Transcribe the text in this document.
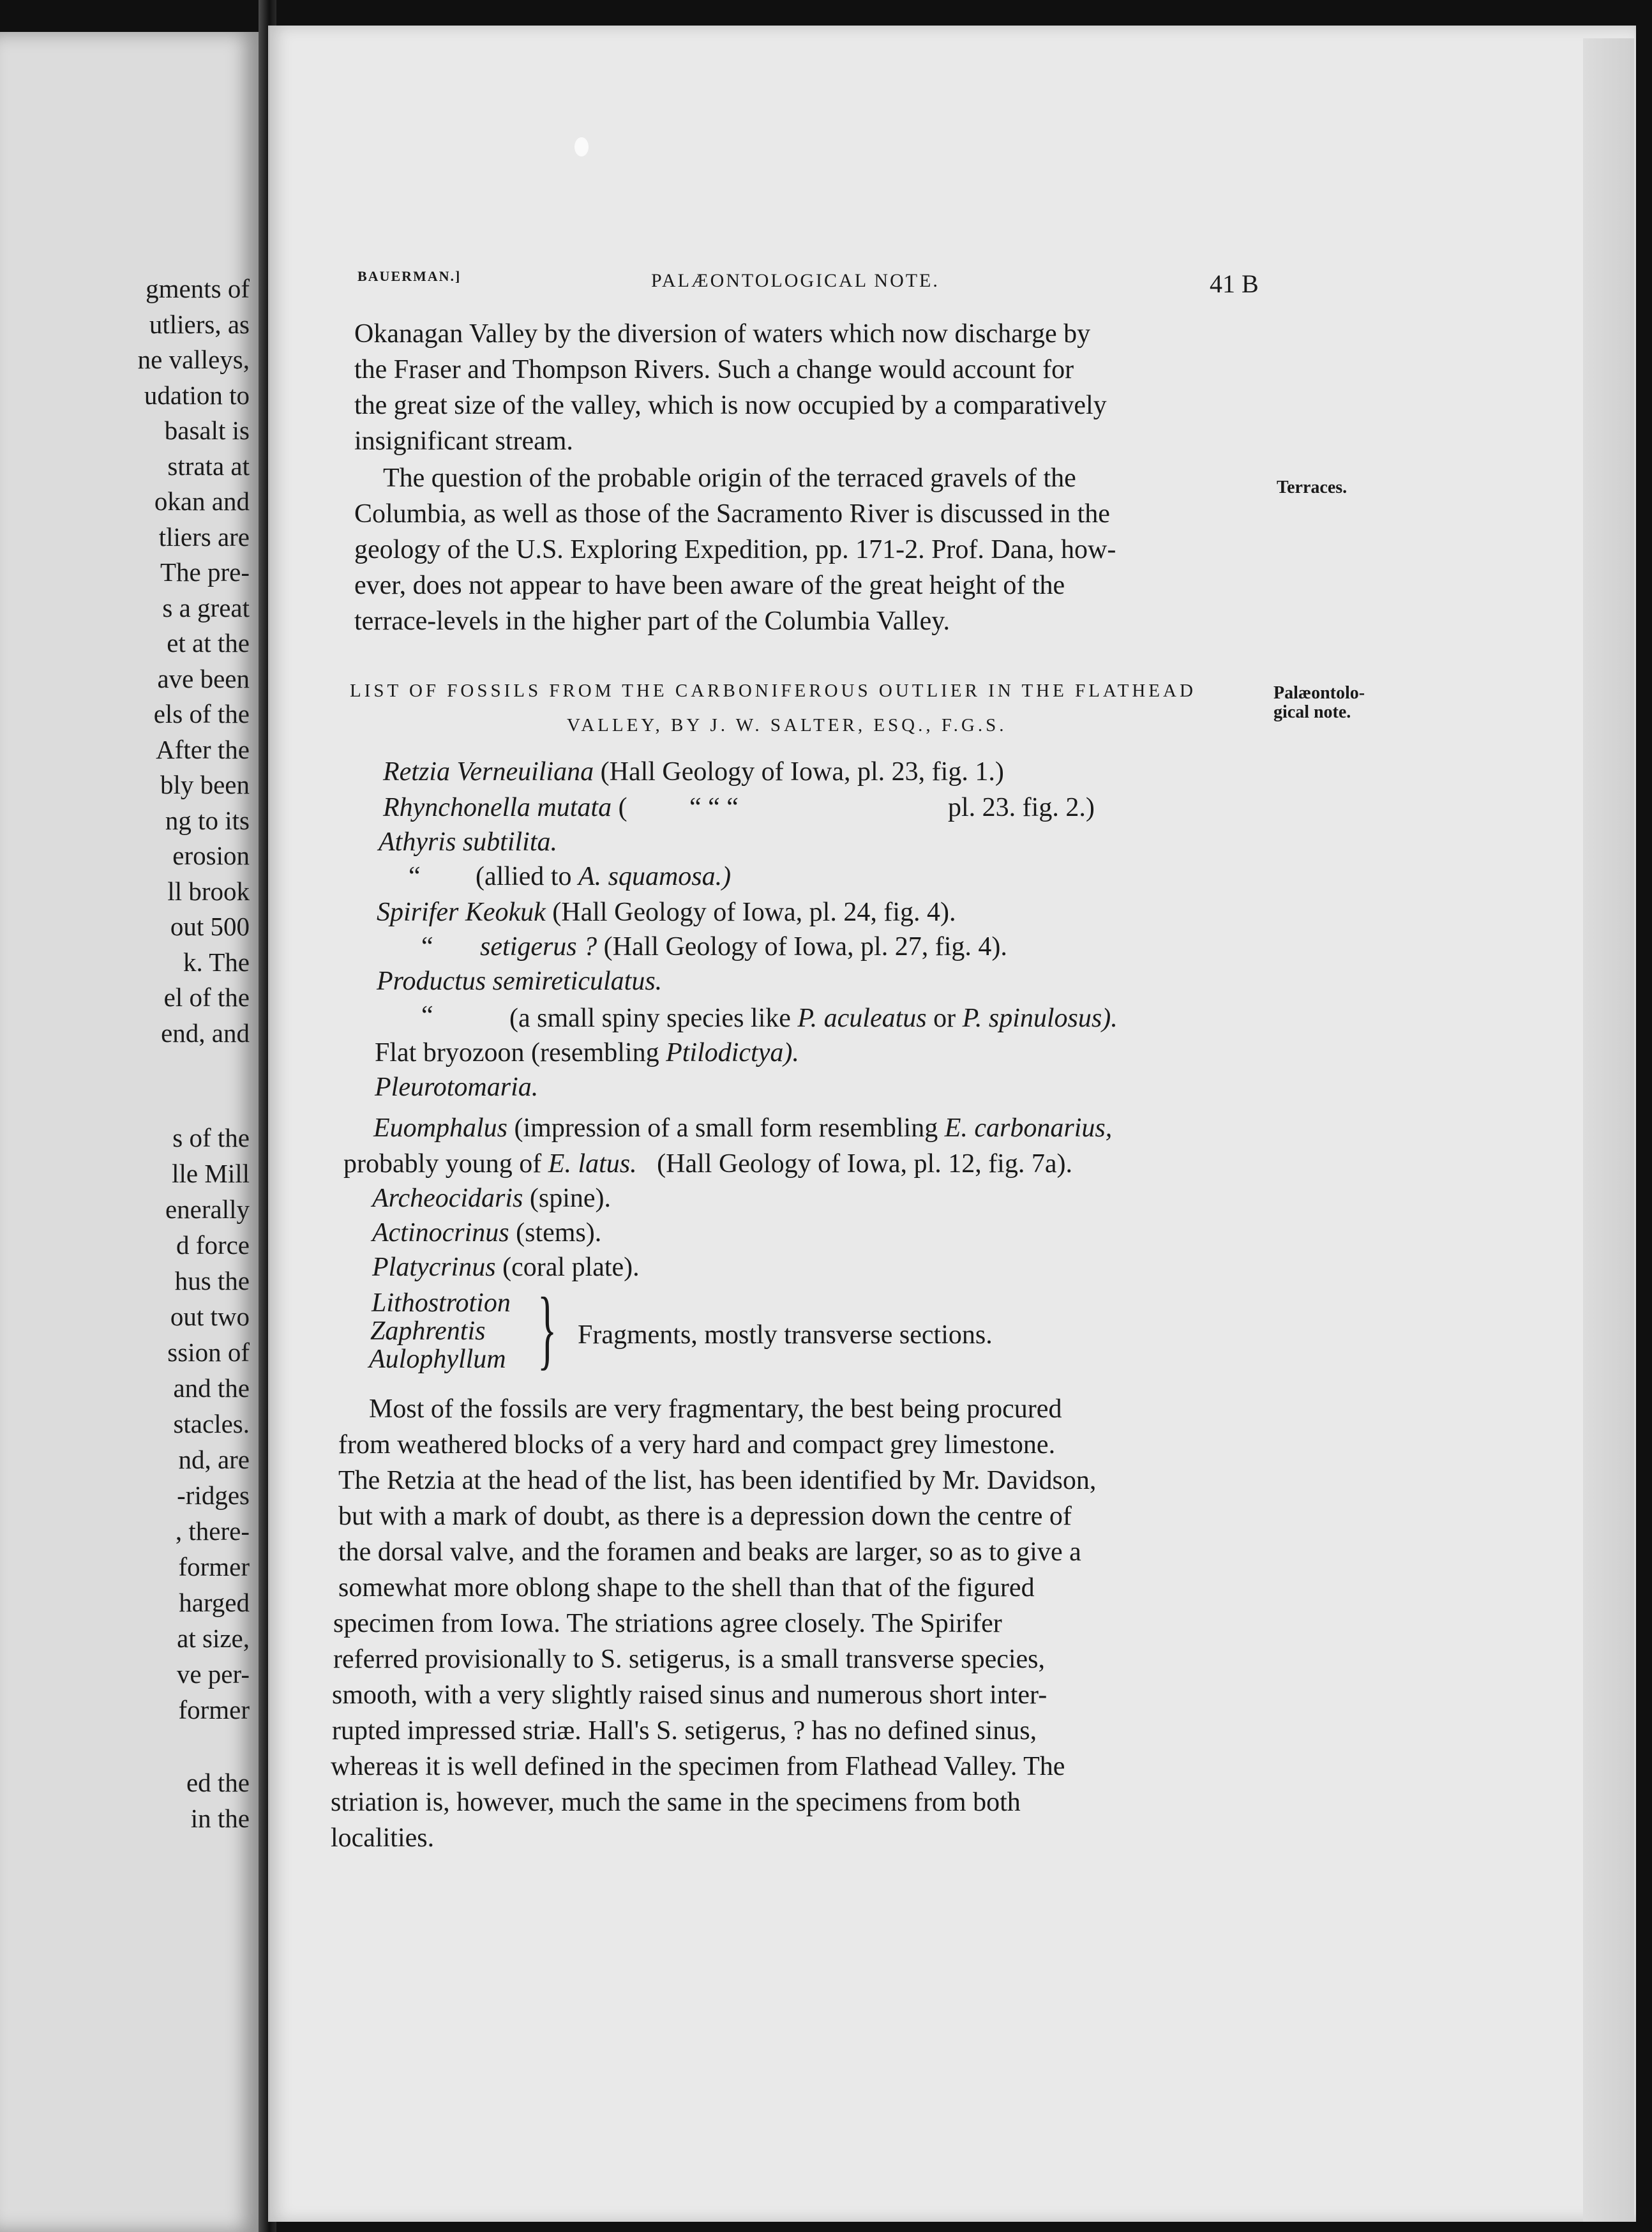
gments of
utliers, as
ne valleys,
udation to
basalt is
strata at
okan and
tliers are
The pre-
s a great
et at the
ave been
els of the
After the
bly been
ng to its
erosion
ll brook
out 500
k. The
el of the
end, and
s of the
lle Mill
enerally
d force
hus the
out two
ssion of
and the
stacles.
nd, are
-ridges
, there-
former
harged
at size,
ve per-
former
ed the
in the
BAUERMAN.]	PALÆONTOLOGICAL NOTE.	41 B
Okanagan Valley by the diversion of waters which now discharge by
the Fraser and Thompson Rivers. Such a change would account for
the great size of the valley, which is now occupied by a comparatively
insignificant stream.
The question of the probable origin of the terraced gravels of the
Columbia, as well as those of the Sacramento River is discussed in the
geology of the U.S. Exploring Expedition, pp. 171-2. Prof. Dana, how-
ever, does not appear to have been aware of the great height of the
terrace-levels in the higher part of the Columbia Valley.
Terraces.
Palæontolo-
gical note.
LIST OF FOSSILS FROM THE CARBONIFEROUS OUTLIER IN THE FLATHEAD
VALLEY, BY J. W. SALTER, ESQ., F.G.S.
Retzia Verneuiliana (Hall Geology of Iowa, pl. 23, fig. 1.)
Rhynchonella mutata ( “ “ “	pl. 23. fig. 2.)
Athyris subtilita.
“ (allied to A. squamosa.)
Spirifer Keokuk (Hall Geology of Iowa, pl. 24, fig. 4).
“ setigerus ? (Hall Geology of Iowa, pl. 27, fig. 4).
Productus semireticulatus.
“	(a small spiny species like P. aculeatus or P. spinulosus).
Flat bryozoon (resembling Ptilodictya).
Pleurotomaria.
Euomphalus (impression of a small form resembling E. carbonarius,
probably young of E. latus. (Hall Geology of Iowa, pl. 12, fig. 7a).
Archeocidaris (spine).
Actinocrinus (stems).
Platycrinus (coral plate).
Lithostrotion
Zaphrentis
Aulophyllum } Fragments, mostly transverse sections.
Most of the fossils are very fragmentary, the best being procured
from weathered blocks of a very hard and compact grey limestone.
The Retzia at the head of the list, has been identified by Mr. Davidson,
but with a mark of doubt, as there is a depression down the centre of
the dorsal valve, and the foramen and beaks are larger, so as to give a
somewhat more oblong shape to the shell than that of the figured
specimen from Iowa. The striations agree closely. The Spirifer
referred provisionally to S. setigerus, is a small transverse species,
smooth, with a very slightly raised sinus and numerous short inter-
rupted impressed striæ. Hall's S. setigerus, ? has no defined sinus,
whereas it is well defined in the specimen from Flathead Valley. The
striation is, however, much the same in the specimens from both
localities.
